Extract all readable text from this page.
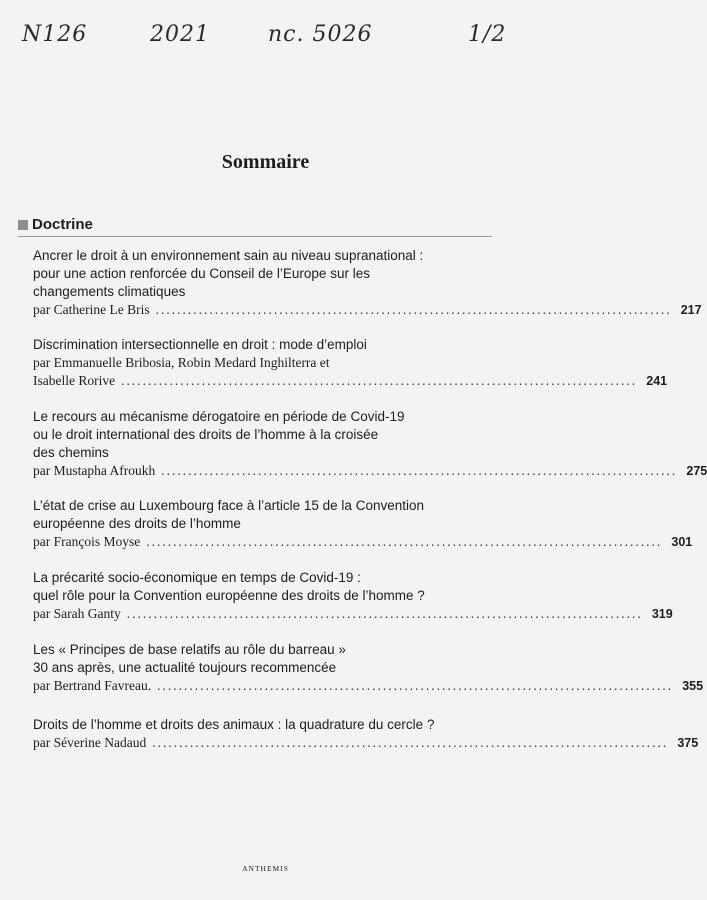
N126	2021	nc. 5026	1/2
Sommaire
Doctrine

Ancrer le droit à un environnement sain au niveau supranational :
pour une action renforcée du Conseil de l’Europe sur les
changements climatiques

par Catherine Le Bris ................................................................................................ 217

Discrimination intersectionnelle en droit : mode d’emploi

par Emmanuelle Bribosia, Robin Medard Inghilterra et
Isabelle Rorive ................................................................................................ 241

Le recours au mécanisme dérogatoire en période de Covid-19
ou le droit international des droits de l’homme à la croisée
des chemins

par Mustapha Afroukh ................................................................................................ 275

L’état de crise au Luxembourg face à l’article 15 de la Convention
européenne des droits de l’homme

par François Moyse ................................................................................................ 301

La précarité socio-économique en temps de Covid-19 :
quel rôle pour la Convention européenne des droits de l’homme ?

par Sarah Ganty ................................................................................................ 319

Les « Principes de base relatifs au rôle du barreau »
30 ans après, une actualité toujours recommencée

par Bertrand Favreau. ................................................................................................ 355

Droits de l’homme et droits des animaux : la quadrature du cercle ?

par Séverine Nadaud ................................................................................................ 375
ANTHEMIS
